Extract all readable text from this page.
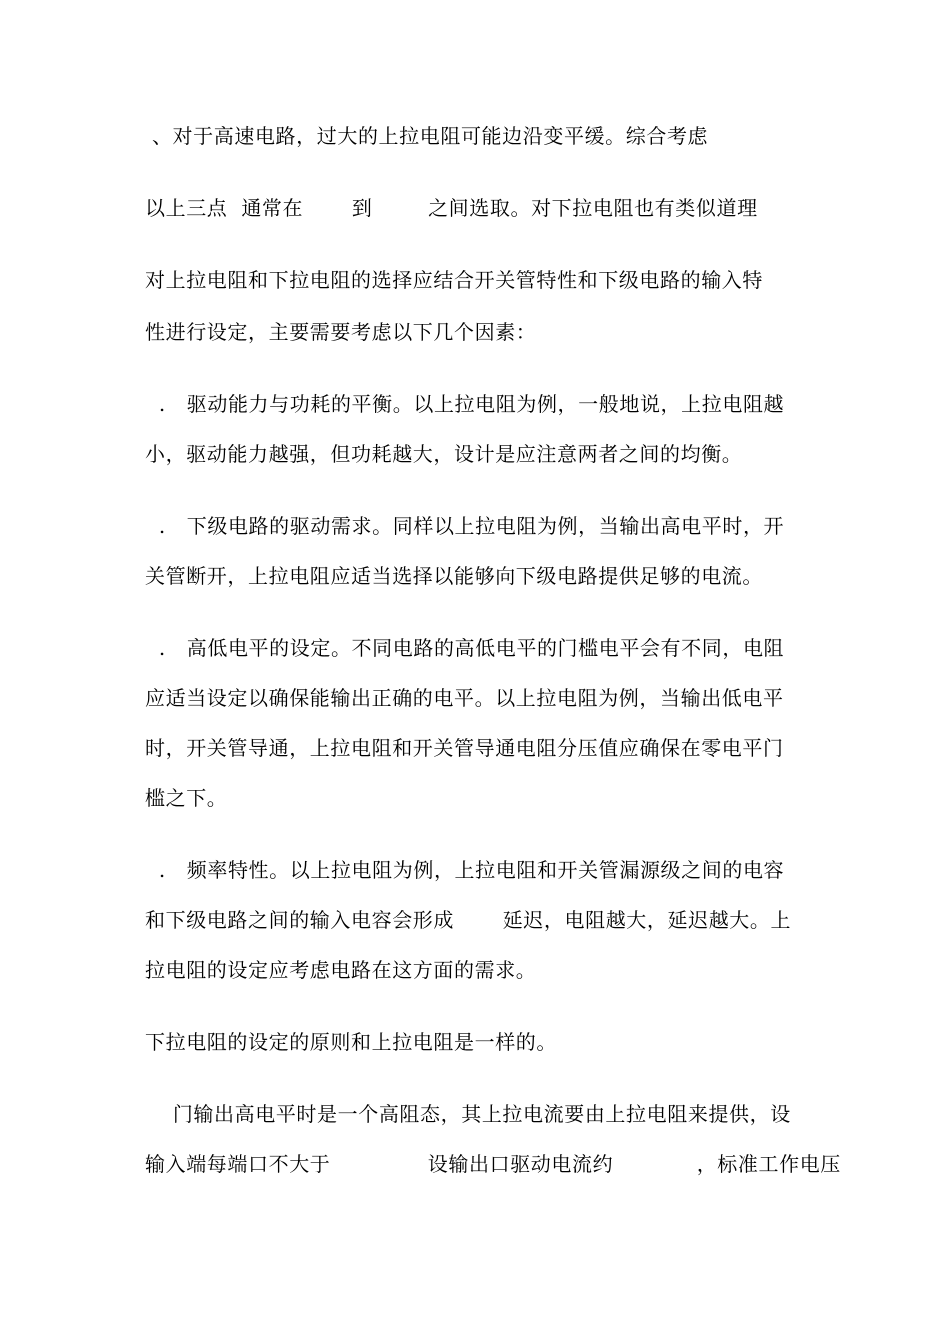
、对于高速电路，过大的上拉电阻可能边沿变平缓。综合考虑
以上三点  通常在       到        之间选取。对下拉电阻也有类似道理
对上拉电阻和下拉电阻的选择应结合开关管特性和下级电路的输入特
性进行设定，主要需要考虑以下几个因素：
.   驱动能力与功耗的平衡。以上拉电阻为例，一般地说，上拉电阻越
小，驱动能力越强，但功耗越大，设计是应注意两者之间的均衡。
.   下级电路的驱动需求。同样以上拉电阻为例，当输出高电平时，开
关管断开，上拉电阻应适当选择以能够向下级电路提供足够的电流。
.   高低电平的设定。不同电路的高低电平的门槛电平会有不同，电阻
应适当设定以确保能输出正确的电平。以上拉电阻为例，当输出低电平
时，开关管导通，上拉电阻和开关管导通电阻分压值应确保在零电平门
槛之下。
.   频率特性。以上拉电阻为例，上拉电阻和开关管漏源级之间的电容
和下级电路之间的输入电容会形成       延迟，电阻越大，延迟越大。上
拉电阻的设定应考虑电路在这方面的需求。
下拉电阻的设定的原则和上拉电阻是一样的。
门输出高电平时是一个高阻态，其上拉电流要由上拉电阻来提供，设
输入端每端口不大于              设输出口驱动电流约            ，标准工作电压
